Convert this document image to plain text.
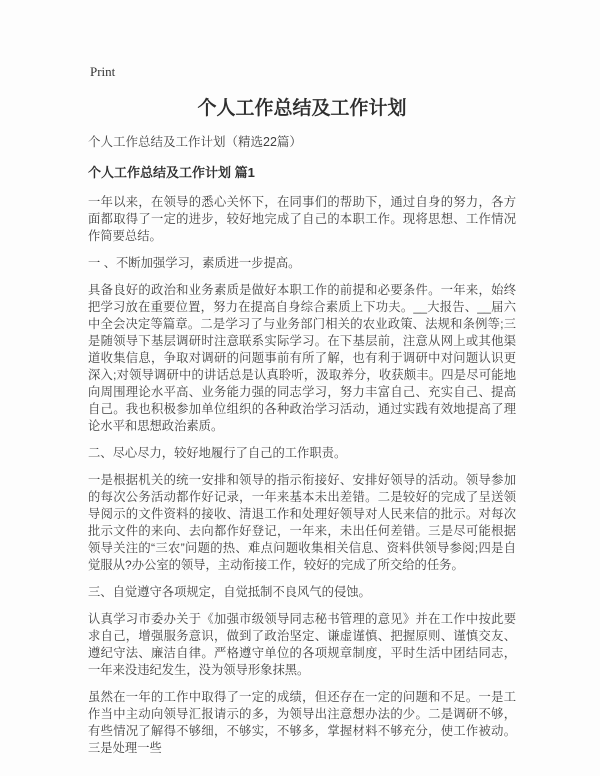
Print
个人工作总结及工作计划
个人工作总结及工作计划（精选22篇）
个人工作总结及工作计划 篇1

一年以来，在领导的悉心关怀下，在同事们的帮助下，通过自身的努力，各方面都取得了一定的进步，较好地完成了自己的本职工作。现将思想、工作情况作简要总结。

一 、不断加强学习，素质进一步提高。

具备良好的政治和业务素质是做好本职工作的前提和必要条件。一年来，始终把学习放在重要位置，努力在提高自身综合素质上下功夫。__大报告、__届六中全会决定等篇章。二是学习了与业务部门相关的农业政策、法规和条例等;三是随领导下基层调研时注意联系实际学习。在下基层前，注意从网上或其他渠道收集信息，争取对调研的问题事前有所了解，也有利于调研中对问题认识更深入;对领导调研中的讲话总是认真聆听，汲取养分，收获颇丰。四是尽可能地向周围理论水平高、业务能力强的同志学习，努力丰富自己、充实自己、提高自己。我也积极参加单位组织的各种政治学习活动，通过实践有效地提高了理论水平和思想政治素质。

二、尽心尽力，较好地履行了自己的工作职责。

一是根据机关的统一安排和领导的指示衔接好、安排好领导的活动。领导参加的每次公务活动都作好记录，一年来基本未出差错。二是较好的完成了呈送领导阅示的文件资料的接收、清退工作和处理好领导对人民来信的批示。对每次批示文件的来向、去向都作好登记，一年来，未出任何差错。三是尽可能根据领导关注的“三农”问题的热、难点问题收集相关信息、资料供领导参阅;四是自觉服从?办公室的领导，主动衔接工作，较好的完成了所交给的任务。

三、自觉遵守各项规定，自觉抵制不良风气的侵蚀。

认真学习市委办关于《加强市级领导同志秘书管理的意见》并在工作中按此要求自己，增强服务意识，做到了政治坚定、谦虚谨慎、把握原则、谨慎交友、遵纪守法、廉洁自律。严格遵守单位的各项规章制度，平时生活中团结同志，一年来没违纪发生，没为领导形象抹黑。

虽然在一年的工作中取得了一定的成绩，但还存在一定的问题和不足。一是工作当中主动向领导汇报请示的多，为领导出注意想办法的少。二是调研不够，有些情况了解得不够细，不够实，不够多，掌握材料不够充分，使工作被动。三是处理一些
